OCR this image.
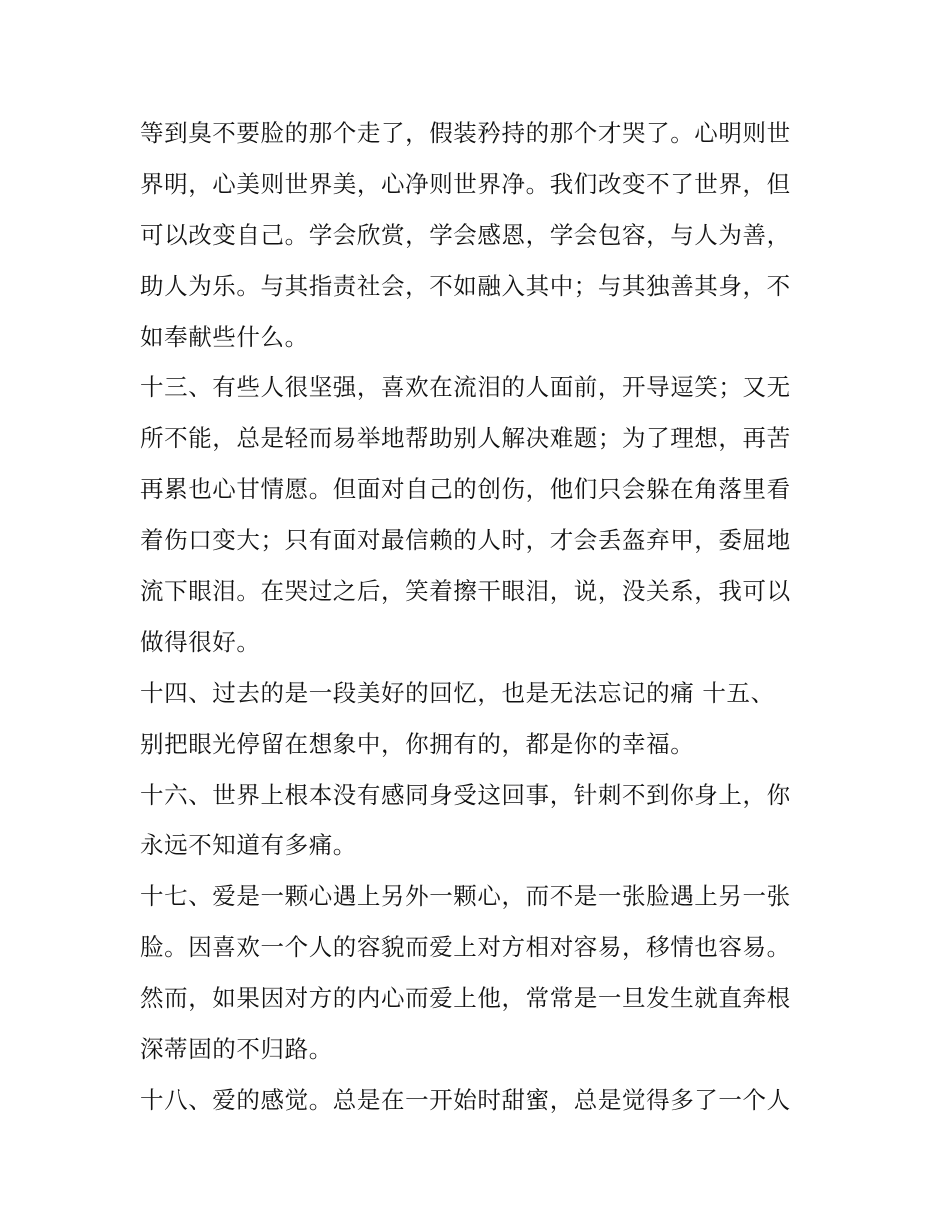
等到臭不要脸的那个走了，假装矜持的那个才哭了。心明则世
界明，心美则世界美，心净则世界净。我们改变不了世界，但
可以改变自己。学会欣赏，学会感恩，学会包容，与人为善，
助人为乐。与其指责社会，不如融入其中；与其独善其身，不
如奉献些什么。
十三、有些人很坚强，喜欢在流泪的人面前，开导逗笑；又无
所不能，总是轻而易举地帮助别人解决难题；为了理想，再苦
再累也心甘情愿。但面对自己的创伤，他们只会躲在角落里看
着伤口变大；只有面对最信赖的人时，才会丢盔弃甲，委屈地
流下眼泪。在哭过之后，笑着擦干眼泪，说，没关系，我可以
做得很好。
十四、过去的是一段美好的回忆，也是无法忘记的痛 十五、
别把眼光停留在想象中，你拥有的，都是你的幸福。
十六、世界上根本没有感同身受这回事，针刺不到你身上，你
永远不知道有多痛。
十七、爱是一颗心遇上另外一颗心，而不是一张脸遇上另一张
脸。因喜欢一个人的容貌而爱上对方相对容易，移情也容易。
然而，如果因对方的内心而爱上他，常常是一旦发生就直奔根
深蒂固的不归路。
十八、爱的感觉。总是在一开始时甜蜜，总是觉得多了一个人
